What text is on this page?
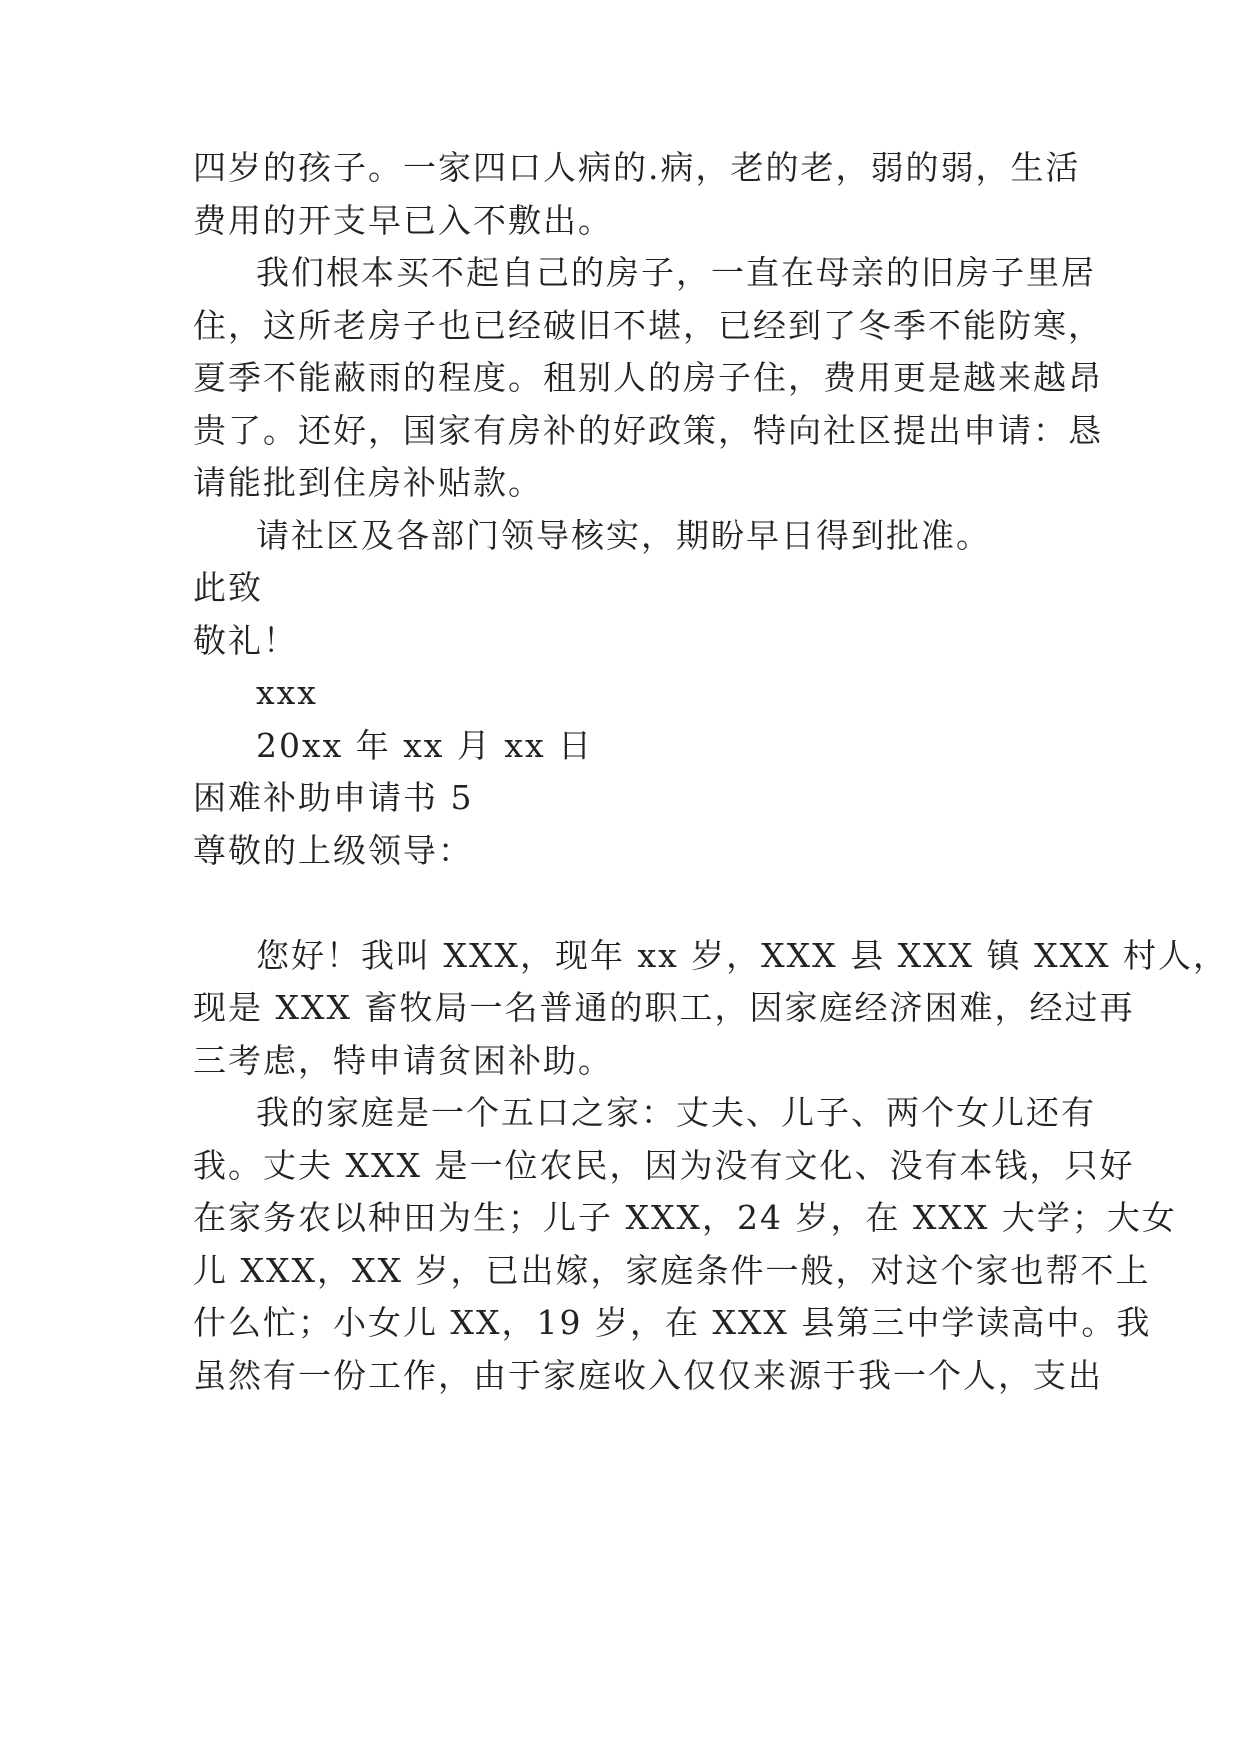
四岁的孩子。一家四口人病的.病，老的老，弱的弱，生活
费用的开支早已入不敷出。
我们根本买不起自己的房子，一直在母亲的旧房子里居
住，这所老房子也已经破旧不堪，已经到了冬季不能防寒，
夏季不能蔽雨的程度。租别人的房子住，费用更是越来越昂
贵了。还好，国家有房补的好政策，特向社区提出申请：恳
请能批到住房补贴款。
请社区及各部门领导核实，期盼早日得到批准。
此致
敬礼！
xxx
20xx 年 xx 月 xx 日
困难补助申请书 5
尊敬的上级领导：
您好！我叫 XXX，现年 xx 岁，XXX 县 XXX 镇 XXX 村人，
现是 XXX 畜牧局一名普通的职工，因家庭经济困难，经过再
三考虑，特申请贫困补助。
我的家庭是一个五口之家：丈夫、儿子、两个女儿还有
我。丈夫 XXX 是一位农民，因为没有文化、没有本钱，只好
在家务农以种田为生；儿子 XXX，24 岁，在 XXX 大学；大女
儿 XXX，XX 岁，已出嫁，家庭条件一般，对这个家也帮不上
什么忙；小女儿 XX，19 岁，在 XXX 县第三中学读高中。我
虽然有一份工作，由于家庭收入仅仅来源于我一个人，支出
